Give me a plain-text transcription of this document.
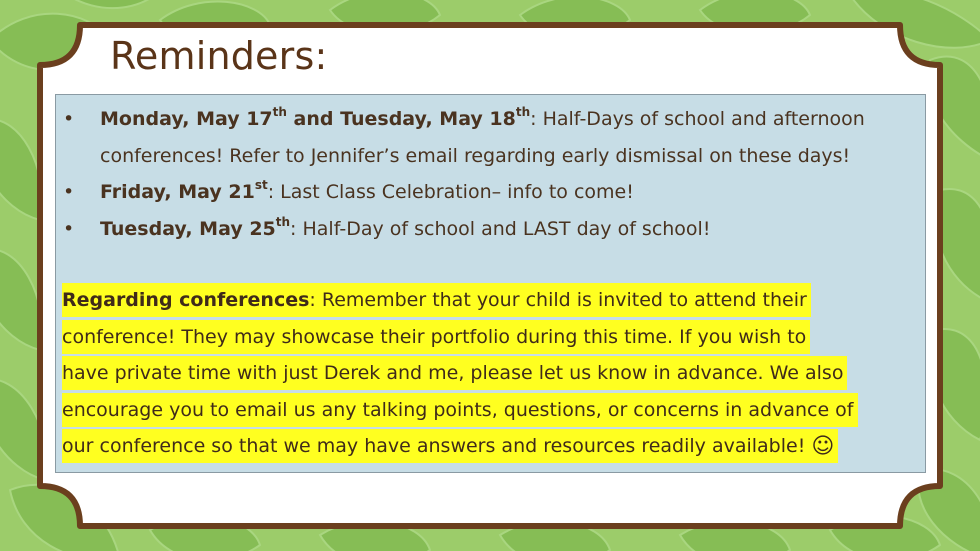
Reminders:
• Monday, May 17th and Tuesday, May 18th: Half-Days of school and afternoon
conferences! Refer to Jennifer’s email regarding early dismissal on these days!
• Friday, May 21st: Last Class Celebration– info to come!
• Tuesday, May 25th: Half-Day of school and LAST day of school!
Regarding conferences: Remember that your child is invited to attend their
conference! They may showcase their portfolio during this time. If you wish to
have private time with just Derek and me, please let us know in advance. We also
encourage you to email us any talking points, questions, or concerns in advance of
our conference so that we may have answers and resources readily available! ☺
